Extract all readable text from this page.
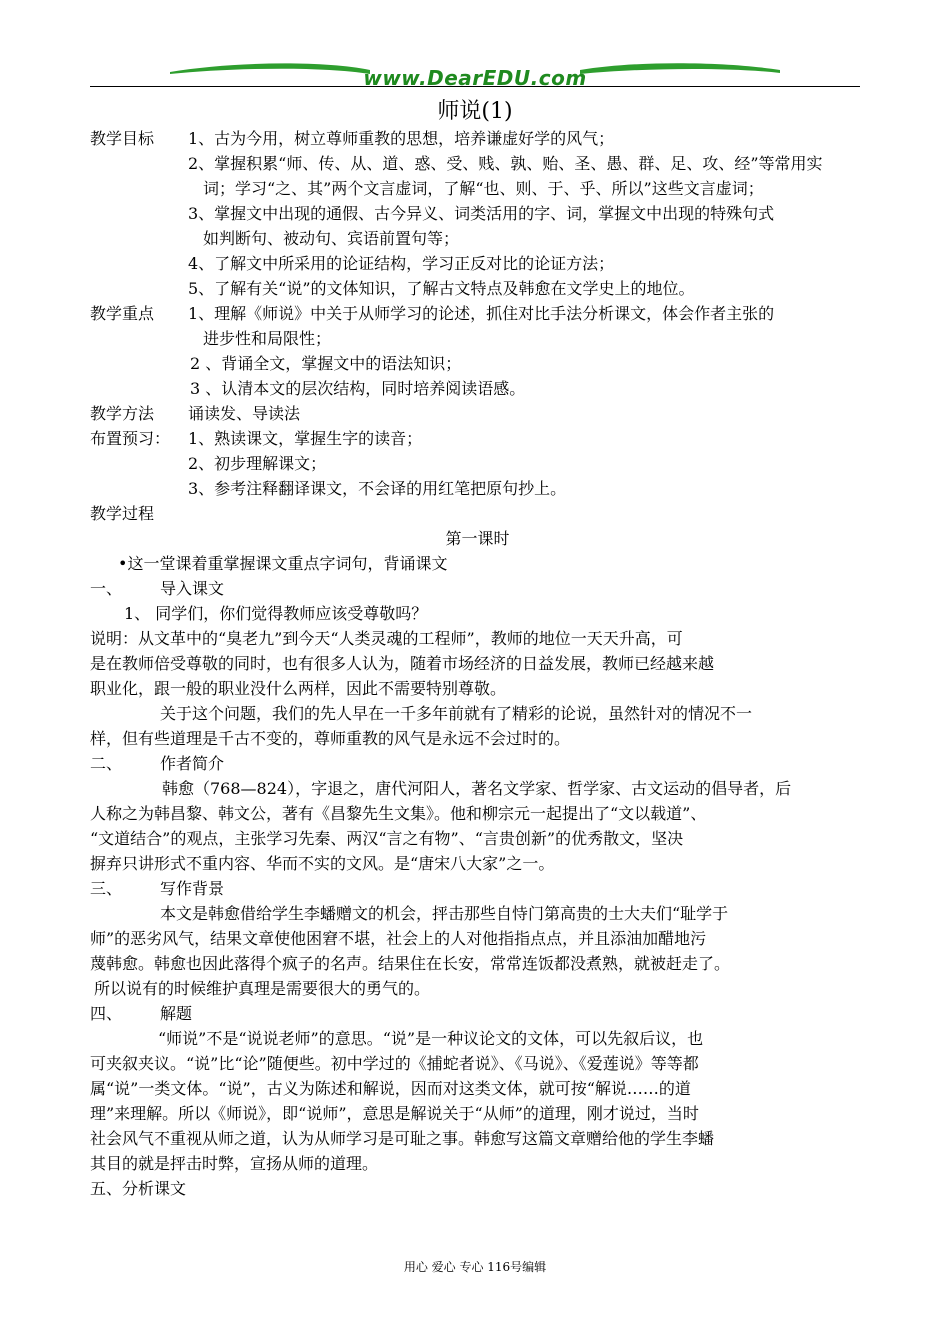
www.DearEDU.com
师说(1)
教学目标	1、古为今用，树立尊师重教的思想，培养谦虚好学的风气；
2、掌握积累“师、传、从、道、惑、受、贱、孰、贻、圣、愚、群、足、攻、经”等常用实
词；学习“之、其”两个文言虚词，了解“也、则、于、乎、所以”这些文言虚词；
3、掌握文中出现的通假、古今异义、词类活用的字、词，掌握文中出现的特殊句式
如判断句、被动句、宾语前置句等；
4、了解文中所采用的论证结构，学习正反对比的论证方法；
5、了解有关“说”的文体知识，了解古文特点及韩愈在文学史上的地位。
教学重点	1、理解《师说》中关于从师学习的论述，抓住对比手法分析课文，体会作者主张的
进步性和局限性；
2 、背诵全文，掌握文中的语法知识；
3 、认清本文的层次结构，同时培养阅读语感。
教学方法	诵读发、导读法
布置预习：	1、熟读课文，掌握生字的读音；
2、初步理解课文；
3、参考注释翻译课文，不会译的用红笔把原句抄上。
教学过程
第一课时
•这一堂课着重掌握课文重点字词句，背诵课文
一、 导入课文
1、 同学们，你们觉得教师应该受尊敬吗？
说明：从文革中的“臭老九”到今天“人类灵魂的工程师”，教师的地位一天天升高，可
是在教师倍受尊敬的同时，也有很多人认为，随着市场经济的日益发展，教师已经越来越
职业化，跟一般的职业没什么两样，因此不需要特别尊敬。
关于这个问题，我们的先人早在一千多年前就有了精彩的论说，虽然针对的情况不一
样，但有些道理是千古不变的，尊师重教的风气是永远不会过时的。
二、 作者简介
韩愈（768—824），字退之，唐代河阳人，著名文学家、哲学家、古文运动的倡导者，后
人称之为韩昌黎、韩文公，著有《昌黎先生文集》。他和柳宗元一起提出了“文以载道”、
“文道结合”的观点，主张学习先秦、两汉“言之有物”、“言贵创新”的优秀散文，坚决
摒弃只讲形式不重内容、华而不实的文风。是“唐宋八大家”之一。
三、 写作背景
本文是韩愈借给学生李蟠赠文的机会，抨击那些自恃门第高贵的士大夫们“耻学于
师”的恶劣风气，结果文章使他困窘不堪，社会上的人对他指指点点，并且添油加醋地污
蔑韩愈。韩愈也因此落得个疯子的名声。结果住在长安，常常连饭都没煮熟，就被赶走了。
所以说有的时候维护真理是需要很大的勇气的。
四、 解题
“师说”不是“说说老师”的意思。“说”是一种议论文的文体，可以先叙后议，也
可夹叙夹议。“说”比“论”随便些。初中学过的《捕蛇者说》、《马说》、《爱莲说》等等都
属“说”一类文体。“说”，古义为陈述和解说，因而对这类文体，就可按“解说……的道
理”来理解。所以《师说》，即“说师”，意思是解说关于“从师”的道理，刚才说过，当时
社会风气不重视从师之道，认为从师学习是可耻之事。韩愈写这篇文章赠给他的学生李蟠
其目的就是抨击时弊，宣扬从师的道理。
五、分析课文
用心 爱心 专心 116号编辑
